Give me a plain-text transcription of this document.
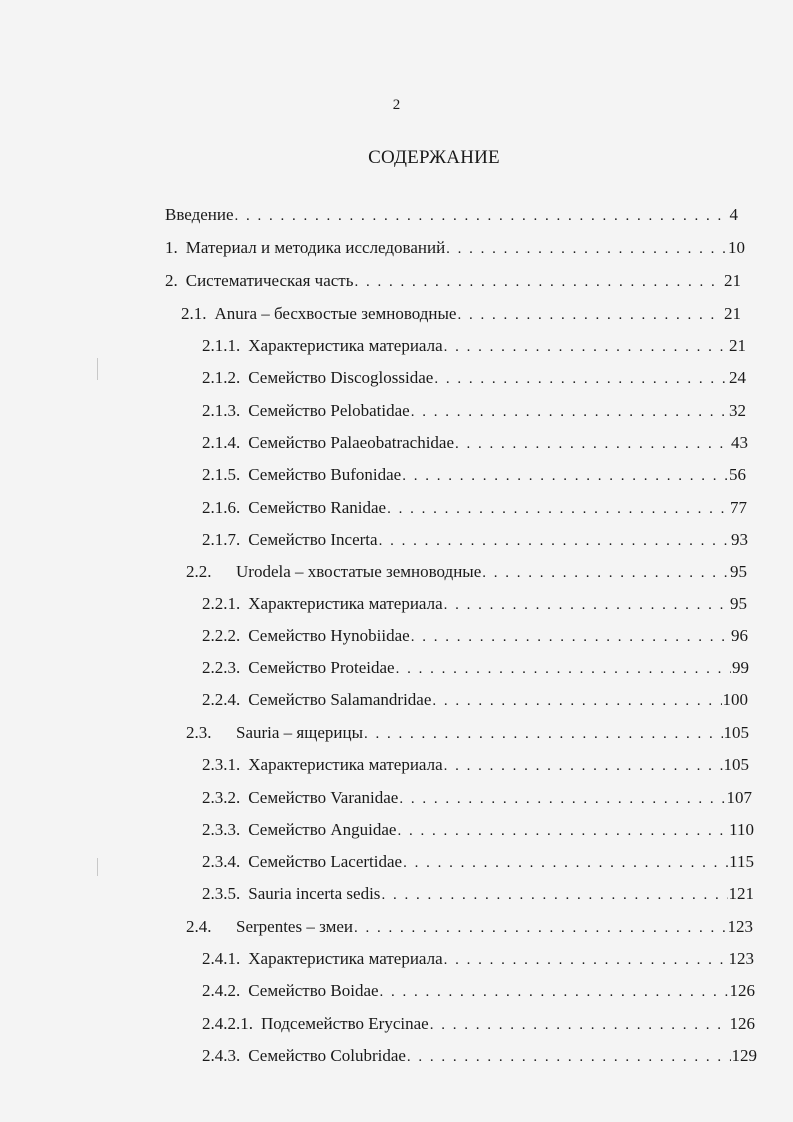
2
СОДЕРЖАНИЕ
Введение . . .	4
1. Материал и методика исследований . . .	10
2. Систематическая часть . . .	21
2.1. Anura – бесхвостые земноводные . . .	21
2.1.1. Характеристика материала . . .	21
2.1.2. Семейство Discoglossidae . . .	24
2.1.3. Семейство Pelobatidae . . .	32
2.1.4. Семейство Palaeobatrachidae . . .	43
2.1.5. Семейство Bufonidae . . .	56
2.1.6. Семейство Ranidae . . .	77
2.1.7. Семейство Incerta . . .	93
2.2.	Urodela – хвостатые земноводные . . .	95
2.2.1. Характеристика материала . . .	95
2.2.2. Семейство Hynobiidae . . .	96
2.2.3. Семейство Proteidae . . .	99
2.2.4. Семейство Salamandridae . . .	100
2.3.	Sauria – ящерицы . . .	105
2.3.1. Характеристика материала . . .	105
2.3.2. Семейство Varanidae . . .	107
2.3.3. Семейство Anguidae . . .	110
2.3.4. Семейство Lacertidae . . .	115
2.3.5. Sauria incerta sedis . . .	121
2.4.	Serpentes – змеи . . .	123
2.4.1. Характеристика материала . . .	123
2.4.2. Семейство Boidae . . .	126
2.4.2.1. Подсемейство Erycinae . . .	126
2.4.3. Семейство Colubridae . . .	129
